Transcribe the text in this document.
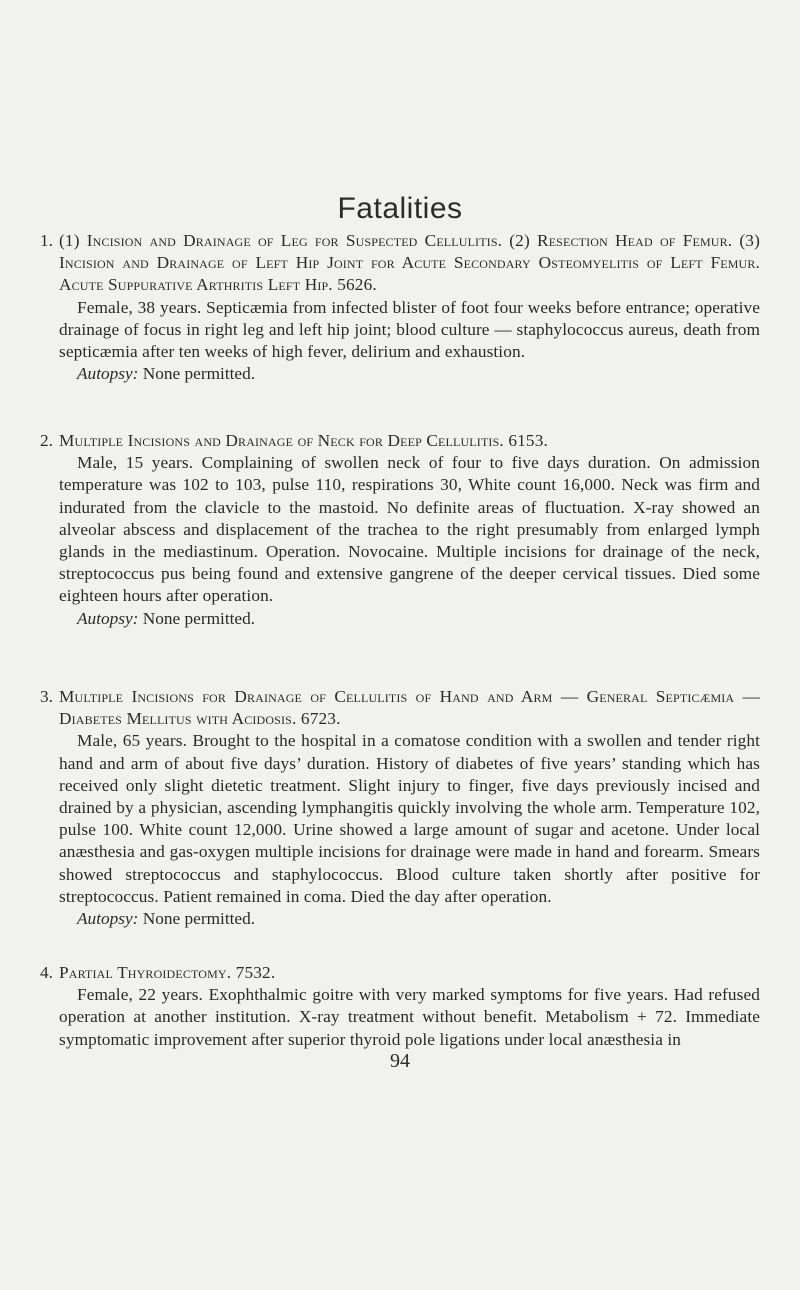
Fatalities
1. (1) Incision and Drainage of Leg for Suspected Cellulitis. (2) Resection Head of Femur. (3) Incision and Drainage of Left Hip Joint for Acute Secondary Osteomyelitis of Left Femur. Acute Suppurative Arthritis Left Hip. 5626.
Female, 38 years. Septicæmia from infected blister of foot four weeks before entrance; operative drainage of focus in right leg and left hip joint; blood culture — staphylococcus aureus, death from septicæmia after ten weeks of high fever, delirium and exhaustion.
Autopsy: None permitted.
2. Multiple Incisions and Drainage of Neck for Deep Cellulitis. 6153.
Male, 15 years. Complaining of swollen neck of four to five days duration. On admission temperature was 102 to 103, pulse 110, respirations 30, White count 16,000. Neck was firm and indurated from the clavicle to the mastoid. No definite areas of fluctuation. X-ray showed an alveolar abscess and displacement of the trachea to the right presumably from enlarged lymph glands in the mediastinum. Operation. Novocaine. Multiple incisions for drainage of the neck, streptococcus pus being found and extensive gangrene of the deeper cervical tissues. Died some eighteen hours after operation.
Autopsy: None permitted.
3. Multiple Incisions for Drainage of Cellulitis of Hand and Arm — General Septicæmia — Diabetes Mellitus with Acidosis. 6723.
Male, 65 years. Brought to the hospital in a comatose condition with a swollen and tender right hand and arm of about five days’ duration. History of diabetes of five years’ standing which has received only slight dietetic treatment. Slight injury to finger, five days previously incised and drained by a physician, ascending lymphangitis quickly involving the whole arm. Temperature 102, pulse 100. White count 12,000. Urine showed a large amount of sugar and acetone. Under local anæsthesia and gas-oxygen multiple incisions for drainage were made in hand and forearm. Smears showed streptococcus and staphylococcus. Blood culture taken shortly after positive for streptococcus. Patient remained in coma. Died the day after operation.
Autopsy: None permitted.
4. Partial Thyroidectomy. 7532.
Female, 22 years. Exophthalmic goitre with very marked symptoms for five years. Had refused operation at another institution. X-ray treatment without benefit. Metabolism + 72. Immediate symptomatic improvement after superior thyroid pole ligations under local anæsthesia in
94
